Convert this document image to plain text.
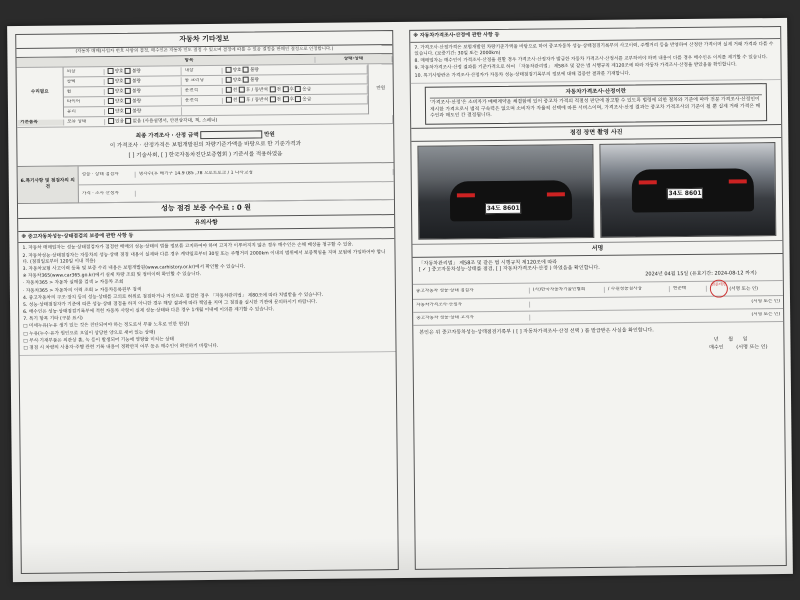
자동차 기타정보
(자동차 매매(사업자 번호 사항의 결정, 매수인은 자동차 인도 결정 수 있으며 결정에 따를 수 있음 결정을 판매인 결정으로 인정합니다.)
항목	상태·상태
수리필요
외장	양호 불량	내장	양호 불량
광택	양호 불량	룸 크리닝	양호 불량
휠	양호 불량	운전석	전 후 / 동반석 전 후 응급
타이어	양호 불량	운전석	전 후 / 동반석 전 후 응급
유리	양호 불량
만원
기본품목	보유 상태	있음 없음 (사용설명서, 안전삼각대, 잭, 스페너)
최종 가격조사 · 산정 금액	만원
이 가격조사 · 산정가격은 보험개발원의 차량기준가액을 바탕으로 한 기준가격과
[ ] 기술사회, [ ] 한국자동차진단보증협회 ) 기준서를 적용하였음
6.특기사항 및 점검자의 의견
성능 · 상태 점검자	냉각수(후 배기구 14.9 (85 ,78 으로트로크 / 1 나사교정
가격 · 조사 산정자
성능 점검 보증 수수료 : 0 원
유의사항
※ 중고자동차성능·상태점검의 보증에 관한 사항 등

1. 자동차 매매업자는 성능·상태점검자가 점검한 매매의 성능·상태의 법률 정보를 고지하여야 하며 고지가 이루어지지 않은 경우 매수인은 손해 배상을 청구할 수 있음.

2. 자동차성능·상태점검자는 자동차의 성능·상태 점검 내용이 실제와 다른 경우 계약일로부터 30일 또는 주행거리 2000km 이내의 범위에서 보증책임을 지며 보험에 가입하여야 합니다. (점검일로부터 120일 이내 적용)

3. 자동차보험 사고이력 등록 및 보증 수리 내용은 보험개발원(www.carhistory.or.kr)에서 확인할 수 있습니다.

※ 자동차365(www.car365.go.kr)에서 실제 차량 조회 및 정비이력 확인할 수 있습니다.

· 자동차365 > 자동차 실매물 검색 > 자동차 조회

· 자동차365 > 자동차의 이력 조회 > 자동차등록원부 검색

4. 중고자동차의 구조·장치 등의 성능·상태를 고의로 허위로 점검하거나 거짓으로 점검한 경우 「자동차관리법」 제80조에 따라 처벌받을 수 있습니다.

5. 성능·상태점검자가 기준에 따른 성능·상태 점검을 하지 아니한 경우 해당 결과에 따라 책임을 지며 그 점검을 실시한 기관에 문의하시기 바랍니다.

6. 매수인은 성능·상태점검기록부에 적힌 자동차 사항이 실제 성능·상태와 다른 경우 1개월 이내에 이의를 제기할 수 있습니다.

7. 특기 항목 기타 (구분 표시)

□ 미세누유(누유 생기 있는 것은 진단되어야 하는 정도로서 부품 노후로 인한 현상)

□ 누유(누수·유가 원인으로 오일이 상당한 양으로 새어 있는 상태)

□ 부식·기재부품은 외관상 흠, 녹 등이 발생되어 기능에 영향을 미치는 상태

□ 점검 시 차량의 사용자·주행 관련 기록 내용이 정확한지 여부 등은 매수인이 확인하기 바랍니다.

※ 자동차가격조사·산정에 관한 사항 등

7. 가격조사·산정가격은 보험개발원 차량기준가액을 바탕으로 하여 중고자동차 성능·상태점검기록부의 사고이력, 주행거리 등을 반영하여 산정한 가격이며 실제 거래 가격과 다를 수 있습니다. (보증기간: 30일 또는 2000km)

8. 매매업자는 매수인이 가격조사·산정을 원할 경우 가격조사·산정자가 발급한 자동차 가격조사·산정서를 교부하여야 하며 내용이 다를 경우 매수인은 이의를 제기할 수 있습니다.

9. 자동차가격조사·산정 결과를 기준가격으로 하여 「자동차관리법」 제58조 및 같은 법 시행규칙 제120조에 따라 자동차 가격조사·산정을 받았음을 확인합니다.

10. 특기사항란은 가격조사·산정자가 자동차 성능·상태점검기록부의 정보에 대해 검증한 결과를 기재합니다.

자동차가격조사·산정이란
'가격조사·산정'은 소비자가 매매계약을 체결함에 있어 중고차 가격의 적절성 판단에 참고할 수 있도록 법령에 의한 절차와 기준에 따라 전문 가격조사·산정인이 제시한 가격으로서 법적 구속력은 없으며 소비자가 자율적 선택에 따른 서비스이며, 가격조사·산정 결과는 중고차 가격조사의 기준이 될 뿐 실제 거래 가격은 매수인과 매도인 간 결정됩니다.
점검 장면 촬영 사진
34도 8601
34도 8601
서명
「자동차관리법」 제58조 및 같은 법 시행규칙 제120조에 따라
[ ✓ ] 중고자동차성능·상태를 점검, [ ] 자동차가격조사·산정 ) 하였음을 확인합니다.
2024년 04월 15일 (유효기간: 2024-08-12 까지)
중고자동차 성능·상태 점검자	(사)한국자동차기술인협회	/ 수원성능검사장	현준태
현준태인 (서명 또는 인)
자동차가격조사·산정자
(서명 또는 인)
중고자동차 성능·상태 고지자
(서명 또는 인)
본인은 위 중고자동차성능·상태점검기록부 ( [ ] 자동차가격조사·산정 선택 ) 를 발급받은 사실을 확인합니다.
년 월 일
매수인	(서명 또는 인)
